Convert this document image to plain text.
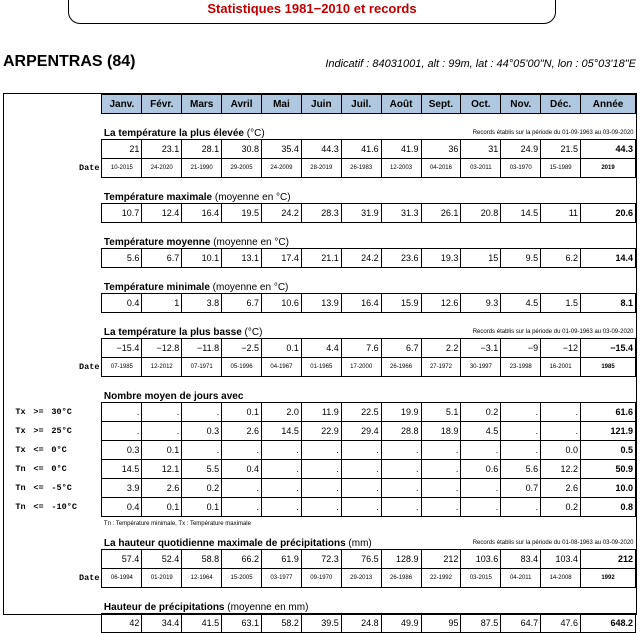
Statistiques 1981−2010 et records
ARPENTRAS (84)	Indicatif : 84031001, alt : 99m, lat : 44°05'00"N, lon : 05°03'18"E
	Janv.	Févr.	Mars	Avril	Mai	Juin	Juil.	Août	Sept.	Oct.	Nov.	Déc.	Année

	La température la plus élevée (°C) Records établis sur la période du 01-09-1963 au 03-09-2020												

	21	23.1	28.1	30.8	35.4	44.3	41.6	41.9	36	31	24.9	21.5	44.3
Date	10-2015	24-2020	21-1990	29-2005	24-2009	28-2019	26-1983	12-2003	04-2016	03-2011	03-1970	15-1989	2019

	Température maximale (moyenne en °C)												
	10.7	12.4	16.4	19.5	24.2	28.3	31.9	31.3	26.1	20.8	14.5	11	20.6

	Température moyenne (moyenne en °C)												
	5.6	6.7	10.1	13.1	17.4	21.1	24.2	23.6	19.3	15	9.5	6.2	14.4

	Température minimale (moyenne en °C)												
	0.4	1	3.8	6.7	10.6	13.9	16.4	15.9	12.6	9.3	4.5	1.5	8.1

	La température la plus basse (°C) Records établis sur la période du 01-09-1963 au 03-09-2020												

	−15.4	−12.8	−11.8	−2.5	0.1	4.4	7.6	6.7	2.2	−3.1	−9	−12	−15.4
Date	07-1985	12-2012	07-1971	05-1996	04-1967	01-1965	17-2000	26-1966	27-1972	30-1997	23-1998	16-2001	1985

	Nombre moyen de jours avec												
Tx >= 30°C	.	.	.	0.1	2.0	11.9	22.5	19.9	5.1	0.2	.	.	61.6
Tx >= 25°C	.	.	0.3	2.6	14.5	22.9	29.4	28.8	18.9	4.5	.	.	121.9
Tx <= 0°C	0.3	0.1	.	.	.	.	.	.	.	.	.	0.0	0.5
Tn <= 0°C	14.5	12.1	5.5	0.4	.	.	.	.	.	0.6	5.6	12.2	50.9
Tn <= -5°C	3.9	2.6	0.2	.	.	.	.	.	.	.	0.7	2.6	10.0
Tn <= -10°C	0.4	0.1	0.1	.	.	.	.	.	.	.	.	0.2	0.8
	Tn : Température minimale, Tx : Température maximale												
	La hauteur quotidienne maximale de précipitations (mm) Records établis sur la période du 01-08-1963 au 03-09-2020												

	57.4	52.4	58.8	66.2	61.9	72.3	76.5	128.9	212	103.6	83.4	103.4	212
Date	06-1994	01-2019	12-1964	15-2005	03-1977	09-1970	29-2013	26-1986	22-1992	03-2015	04-2011	14-2008	1992

	Hauteur de précipitations (moyenne en mm)												
	42	34.4	41.5	63.1	58.2	39.5	24.8	49.9	95	87.5	64.7	47.6	648.2
